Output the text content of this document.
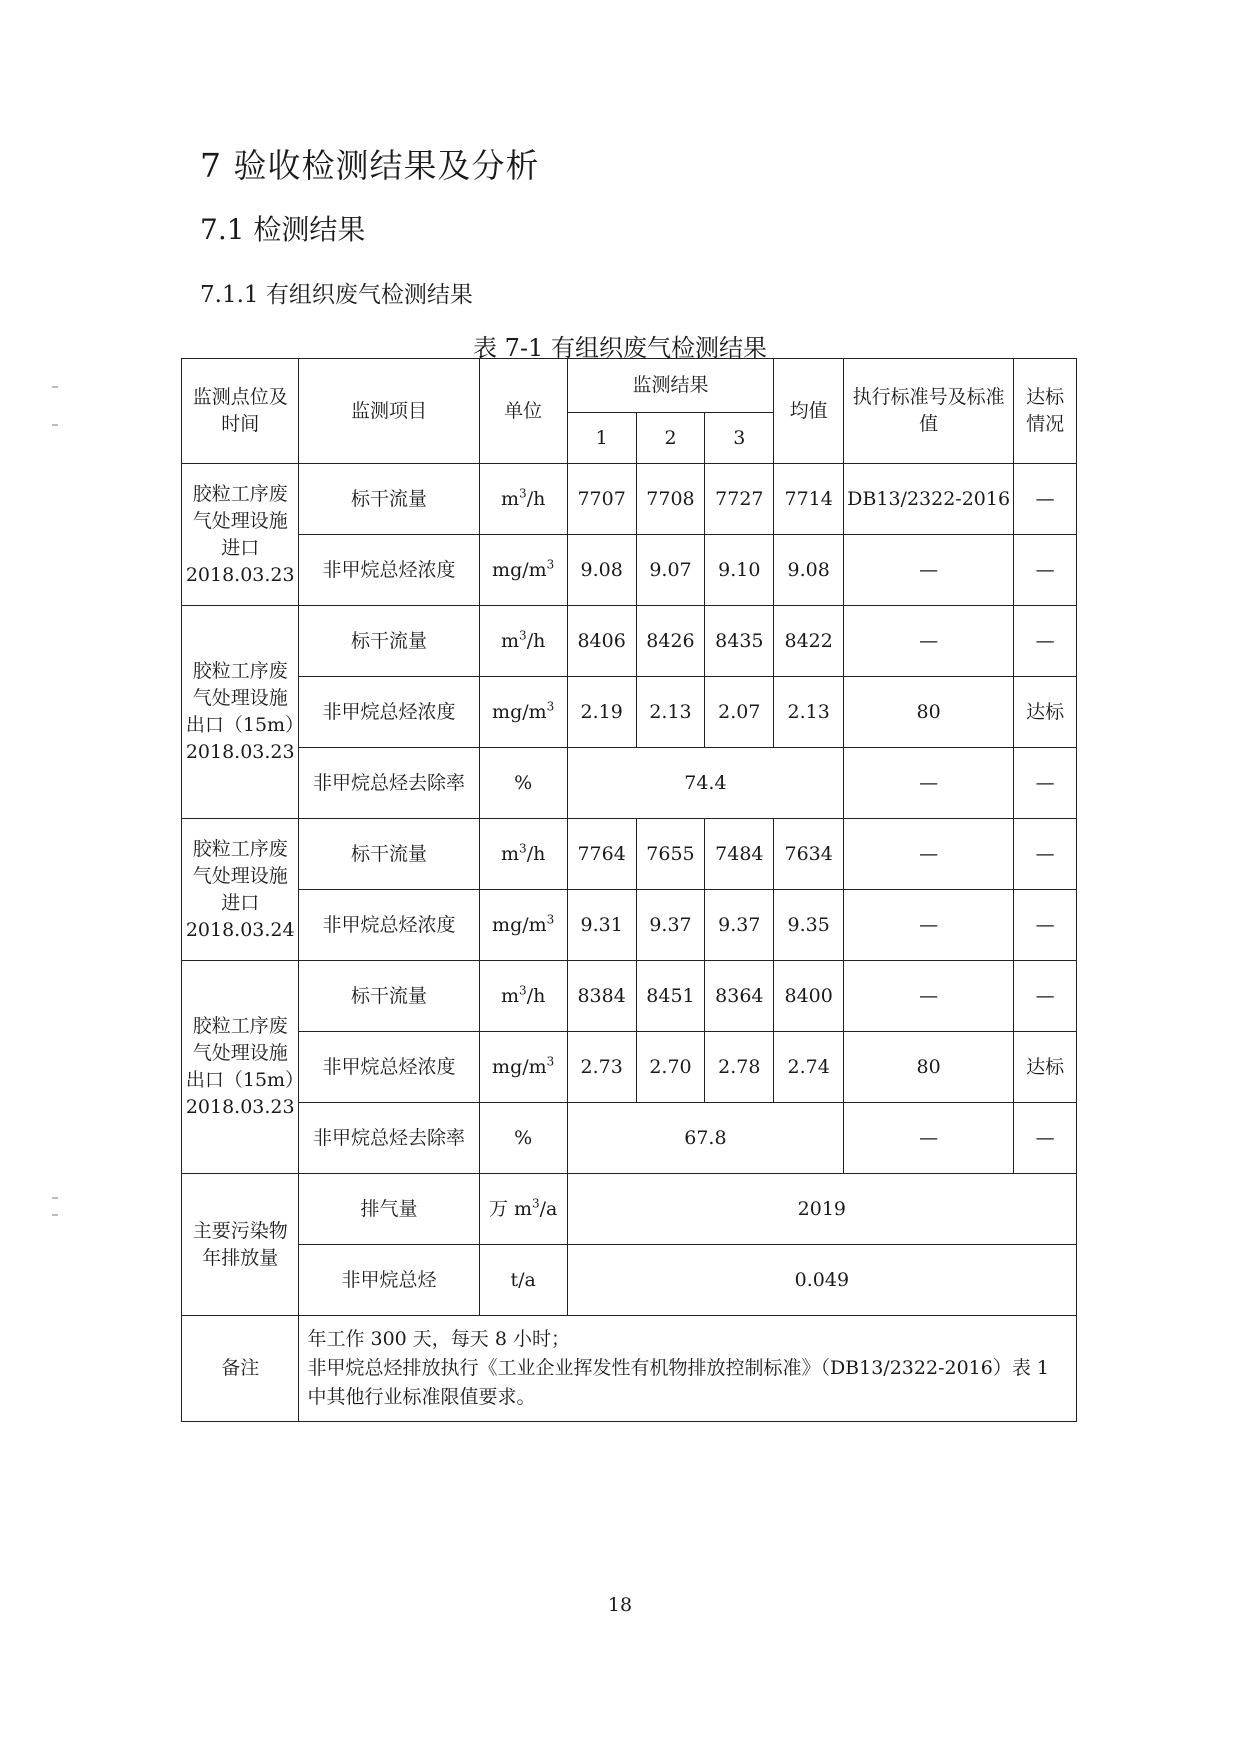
7 验收检测结果及分析
7.1 检测结果
7.1.1 有组织废气检测结果
表 7-1 有组织废气检测结果
监测点位及时间	监测项目	单位	监测结果			均值	执行标准号及标准值	达标情况
			1	2	3			
胶粒工序废气处理设施进口2018.03.23	标干流量	$m^3/h$	7707	7708	7727	7714	DB13/2322-2016	—
	非甲烷总烃浓度	$mg/m^3$	9.08	9.07	9.10	9.08	—	—
胶粒工序废气处理设施出口（15m）2018.03.23	标干流量	$m^3/h$	8406	8426	8435	8422	—	—
	非甲烷总烃浓度	$mg/m^3$	2.19	2.13	2.07	2.13	80	达标
	非甲烷总烃去除率	%	74.4				—	—
胶粒工序废气处理设施进口2018.03.24	标干流量	$m^3/h$	7764	7655	7484	7634	—	—
	非甲烷总烃浓度	$mg/m^3$	9.31	9.37	9.37	9.35	—	—
胶粒工序废气处理设施出口（15m）2018.03.23	标干流量	$m^3/h$	8384	8451	8364	8400	—	—
	非甲烷总烃浓度	$mg/m^3$	2.73	2.70	2.78	2.74	80	达标
	非甲烷总烃去除率	%	67.8				—	—
主要污染物年排放量	排气量	万 $m^3/a$	2019					
	非甲烷总烃	t/a	0.049					
备注	年工作 300 天，每天 8 小时；
非甲烷总烃排放执行《工业企业挥发性有机物排放控制标准》（DB13/2322-2016）表 1 中其他行业标准限值要求。							
18
